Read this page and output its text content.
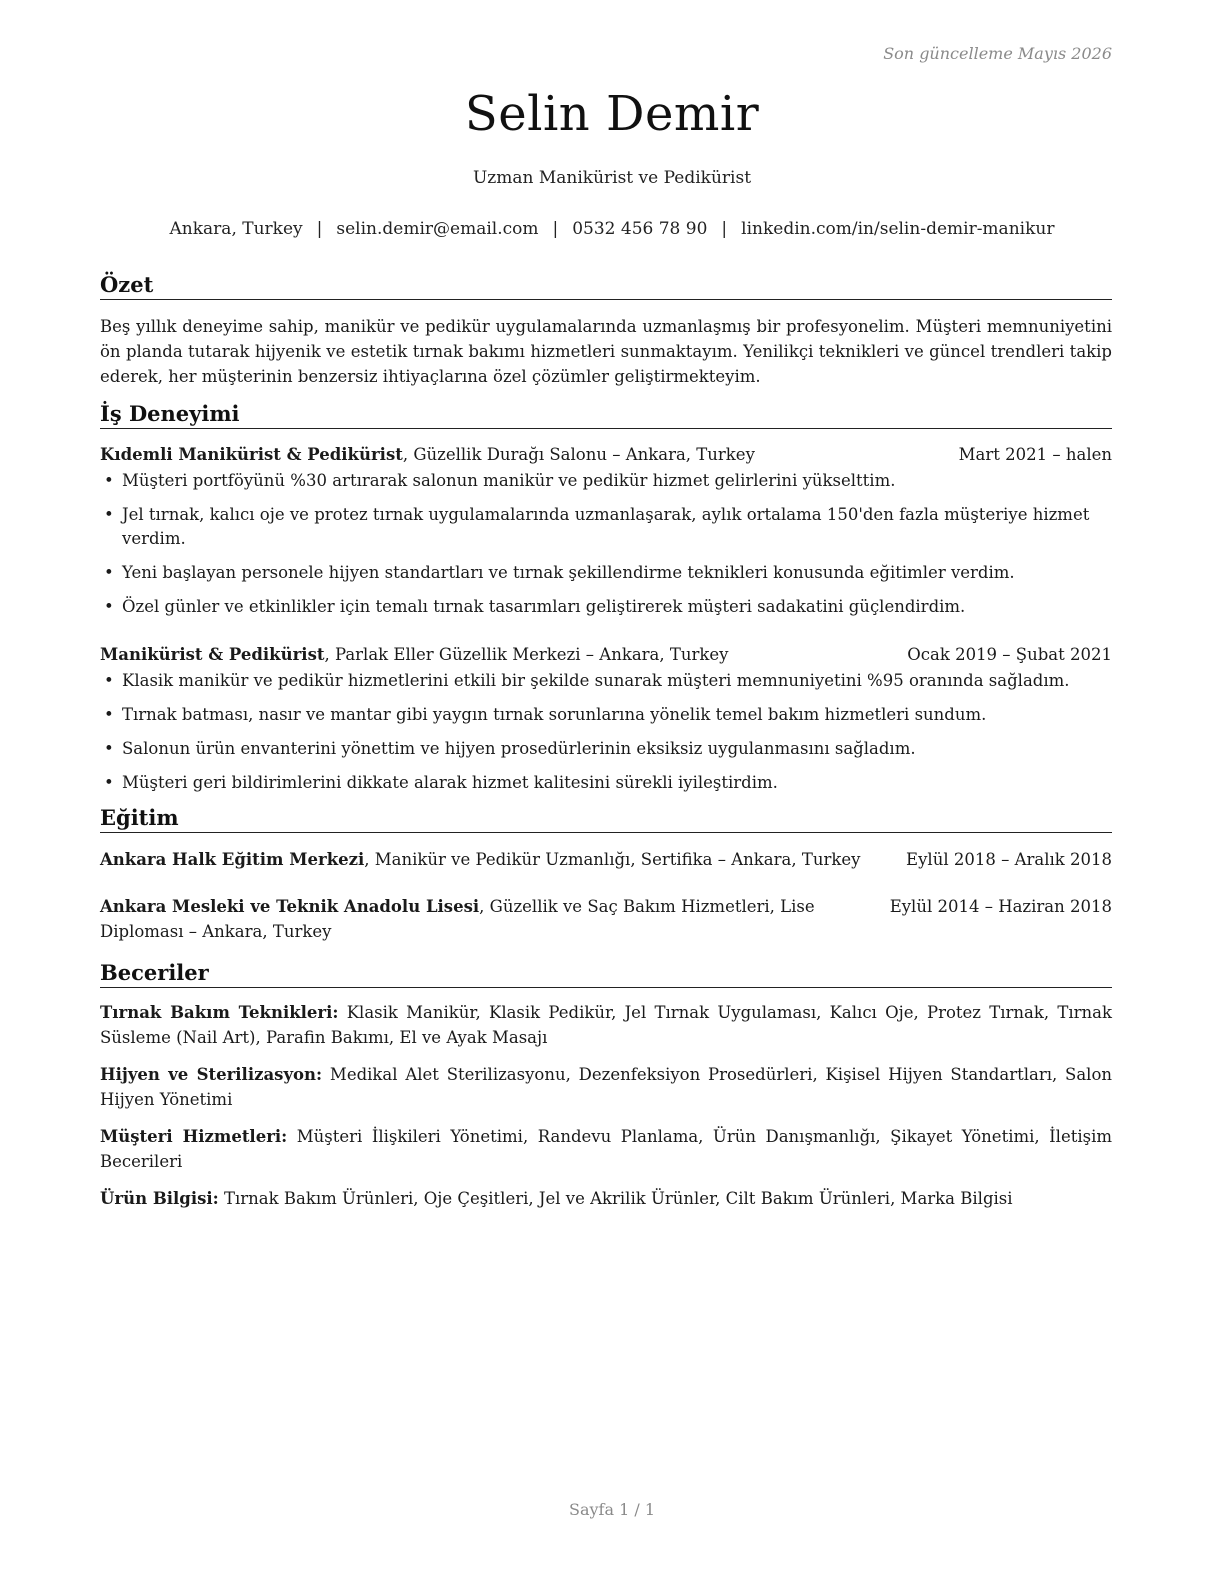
Son güncelleme Mayıs 2026
Selin Demir
Uzman Manikürist ve Pedikürist
Ankara, Turkey | selin.demir@email.com | 0532 456 78 90 | linkedin.com/in/selin-demir-manikur
Özet

Beş yıllık deneyime sahip, manikür ve pedikür uygulamalarında uzmanlaşmış bir profesyonelim. Müşteri memnuniyetini ön planda tutarak hijyenik ve estetik tırnak bakımı hizmetleri sunmaktayım. Yenilikçi teknikleri ve güncel trendleri takip ederek, her müşterinin benzersiz ihtiyaçlarına özel çözümler geliştirmekteyim.

İş Deneyimi
Kıdemli Manikürist & Pedikürist, Güzellik Durağı Salonu – Ankara, Turkey	Mart 2021 – halen
• Müşteri portföyünü %30 artırarak salonun manikür ve pedikür hizmet gelirlerini yükselttim.
• Jel tırnak, kalıcı oje ve protez tırnak uygulamalarında uzmanlaşarak, aylık ortalama 150'den fazla müşteriye hizmet verdim.
• Yeni başlayan personele hijyen standartları ve tırnak şekillendirme teknikleri konusunda eğitimler verdim.
• Özel günler ve etkinlikler için temalı tırnak tasarımları geliştirerek müşteri sadakatini güçlendirdim.
Manikürist & Pedikürist, Parlak Eller Güzellik Merkezi – Ankara, Turkey	Ocak 2019 – Şubat 2021
• Klasik manikür ve pedikür hizmetlerini etkili bir şekilde sunarak müşteri memnuniyetini %95 oranında sağladım.
• Tırnak batması, nasır ve mantar gibi yaygın tırnak sorunlarına yönelik temel bakım hizmetleri sundum.
• Salonun ürün envanterini yönettim ve hijyen prosedürlerinin eksiksiz uygulanmasını sağladım.
• Müşteri geri bildirimlerini dikkate alarak hizmet kalitesini sürekli iyileştirdim.
Eğitim
Ankara Halk Eğitim Merkezi, Manikür ve Pedikür Uzmanlığı, Sertifika – Ankara, Turkey	Eylül 2018 – Aralık 2018
Ankara Mesleki ve Teknik Anadolu Lisesi, Güzellik ve Saç Bakım Hizmetleri, Lise Diploması – Ankara, Turkey
Eylül 2014 – Haziran 2018
Beceriler
Tırnak Bakım Teknikleri: Klasik Manikür, Klasik Pedikür, Jel Tırnak Uygulaması, Kalıcı Oje, Protez Tırnak, Tırnak Süsleme (Nail Art), Parafin Bakımı, El ve Ayak Masajı
Hijyen ve Sterilizasyon: Medikal Alet Sterilizasyonu, Dezenfeksiyon Prosedürleri, Kişisel Hijyen Standartları, Salon Hijyen Yönetimi
Müşteri Hizmetleri: Müşteri İlişkileri Yönetimi, Randevu Planlama, Ürün Danışmanlığı, Şikayet Yönetimi, İletişim Becerileri
Ürün Bilgisi: Tırnak Bakım Ürünleri, Oje Çeşitleri, Jel ve Akrilik Ürünler, Cilt Bakım Ürünleri, Marka Bilgisi
Sayfa 1 / 1
